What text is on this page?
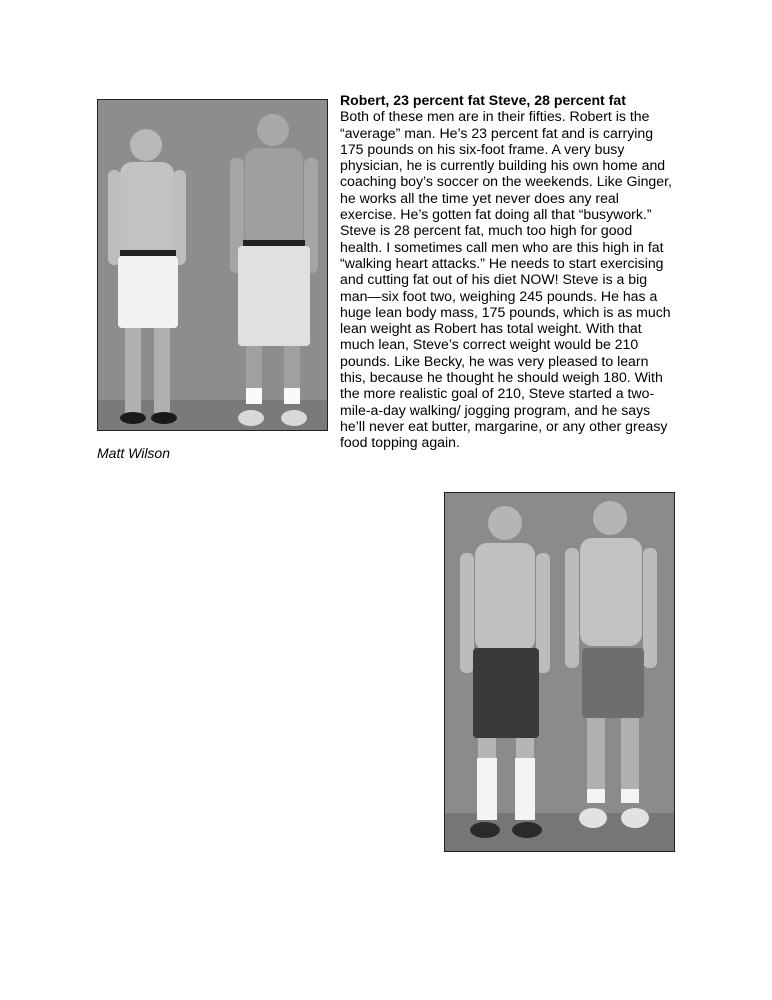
Matt Wilson
Robert, 23 percent fat Steve, 28 percent fat
Both of these men are in their fifties. Robert is the
“average” man. He’s 23 percent fat and is carrying
175 pounds on his six-foot frame. A very busy
physician, he is currently building his own home and
coaching boy’s soccer on the weekends. Like Ginger,
he works all the time yet never does any real
exercise. He’s gotten fat doing all that “busywork.”
Steve is 28 percent fat, much too high for good
health. I sometimes call men who are this high in fat
“walking heart attacks.” He needs to start exercising
and cutting fat out of his diet NOW! Steve is a big
man—six foot two, weighing 245 pounds. He has a
huge lean body mass, 175 pounds, which is as much
lean weight as Robert has total weight. With that
much lean, Steve’s correct weight would be 210
pounds. Like Becky, he was very pleased to learn
this, because he thought he should weigh 180. With
the more realistic goal of 210, Steve started a two-
mile-a-day walking/ jogging program, and he says
he’ll never eat butter, margarine, or any other greasy
food topping again.
